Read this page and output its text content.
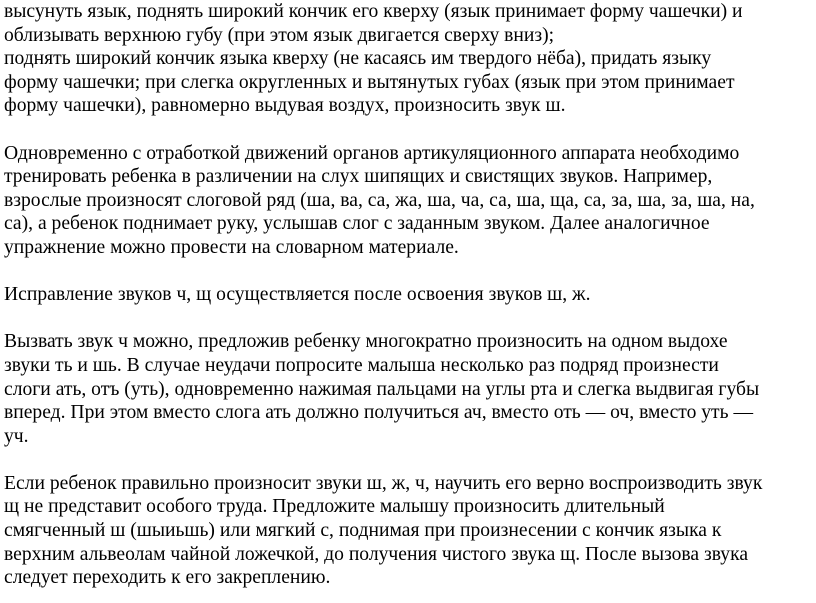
высунуть язык, поднять широкий кончик его кверху (язык принимает форму чашечки) и
облизывать верхнюю губу (при этом язык двигается сверху вниз);
поднять широкий кончик языка кверху (не касаясь им твердого нёба), придать языку
форму чашечки; при слегка округленных и вытянутых губах (язык при этом принимает
форму чашечки), равномерно выдувая воздух, произносить звук ш.

Одновременно с отработкой движений органов артикуляционного аппарата необходимо
тренировать ребенка в различении на слух шипящих и свистящих звуков. Например,
взрослые произносят слоговой ряд (ша, ва, са, жа, ша, ча, са, ша, ща, са, за, ша, за, ша, на,
са), а ребенок поднимает руку, услышав слог с заданным звуком. Далее аналогичное
упражнение можно провести на словарном материале.

Исправление звуков ч, щ осуществляется после освоения звуков ш, ж.

Вызвать звук ч можно, предложив ребенку многократно произносить на одном выдохе
звуки ть и шь. В случае неудачи попросите малыша несколько раз подряд произнести
слоги ать, отъ (уть), одновременно нажимая пальцами на углы рта и слегка выдвигая губы
вперед. При этом вместо слога ать должно получиться ач, вместо оть — оч, вместо уть —
уч.

Если ребенок правильно произносит звуки ш, ж, ч, научить его верно воспроизводить звук
щ не представит особого труда. Предложите малышу произносить длительный
смягченный ш (шыиьшь) или мягкий с, поднимая при произнесении с кончик языка к
верхним альвеолам чайной ложечкой, до получения чистого звука щ. После вызова звука
следует переходить к его закреплению.
